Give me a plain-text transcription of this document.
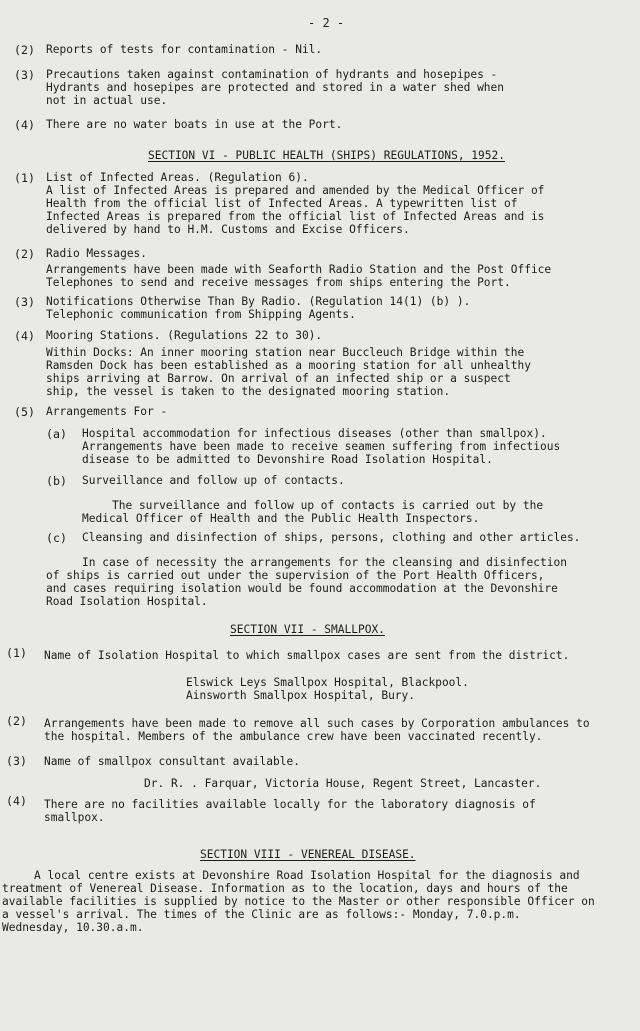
- 2 -
(2) Reports of tests for contamination - Nil.
(3) Precautions taken against contamination of hydrants and hosepipes -
Hydrants and hosepipes are protected and stored in a water shed when
not in actual use.
(4) There are no water boats in use at the Port.
SECTION VI - PUBLIC HEALTH (SHIPS) REGULATIONS, 1952.
(1) List of Infected Areas. (Regulation 6).
A list of Infected Areas is prepared and amended by the Medical Officer of
Health from the official list of Infected Areas. A typewritten list of
Infected Areas is prepared from the official list of Infected Areas and is
delivered by hand to H.M. Customs and Excise Officers.
(2) Radio Messages.
Arrangements have been made with Seaforth Radio Station and the Post Office
Telephones to send and receive messages from ships entering the Port.
(3) Notifications Otherwise Than By Radio. (Regulation 14(1) (b) ).
Telephonic communication from Shipping Agents.
(4) Mooring Stations. (Regulations 22 to 30).
Within Docks: An inner mooring station near Buccleuch Bridge within the
Ramsden Dock has been established as a mooring station for all unhealthy
ships arriving at Barrow. On arrival of an infected ship or a suspect
ship, the vessel is taken to the designated mooring station.
(5) Arrangements For -
(a) Hospital accommodation for infectious diseases (other than smallpox).
Arrangements have been made to receive seamen suffering from infectious
disease to be admitted to Devonshire Road Isolation Hospital.
(b) Surveillance and follow up of contacts.
The surveillance and follow up of contacts is carried out by the
Medical Officer of Health and the Public Health Inspectors.
(c) Cleansing and disinfection of ships, persons, clothing and other articles.
In case of necessity the arrangements for the cleansing and disinfection
of ships is carried out under the supervision of the Port Health Officers,
and cases requiring isolation would be found accommodation at the Devonshire
Road Isolation Hospital.
SECTION VII - SMALLPOX.
(1) Name of Isolation Hospital to which smallpox cases are sent from the district.
Elswick Leys Smallpox Hospital, Blackpool.
Ainsworth Smallpox Hospital, Bury.
(2) Arrangements have been made to remove all such cases by Corporation ambulances to
the hospital. Members of the ambulance crew have been vaccinated recently.
(3) Name of smallpox consultant available.
Dr. R. . Farquar, Victoria House, Regent Street, Lancaster.
(4) There are no facilities available locally for the laboratory diagnosis of
smallpox.
SECTION VIII - VENEREAL DISEASE.
A local centre exists at Devonshire Road Isolation Hospital for the diagnosis and
treatment of Venereal Disease. Information as to the location, days and hours of the
available facilities is supplied by notice to the Master or other responsible Officer on
a vessel's arrival. The times of the Clinic are as follows:- Monday, 7.0.p.m.
Wednesday, 10.30.a.m.
